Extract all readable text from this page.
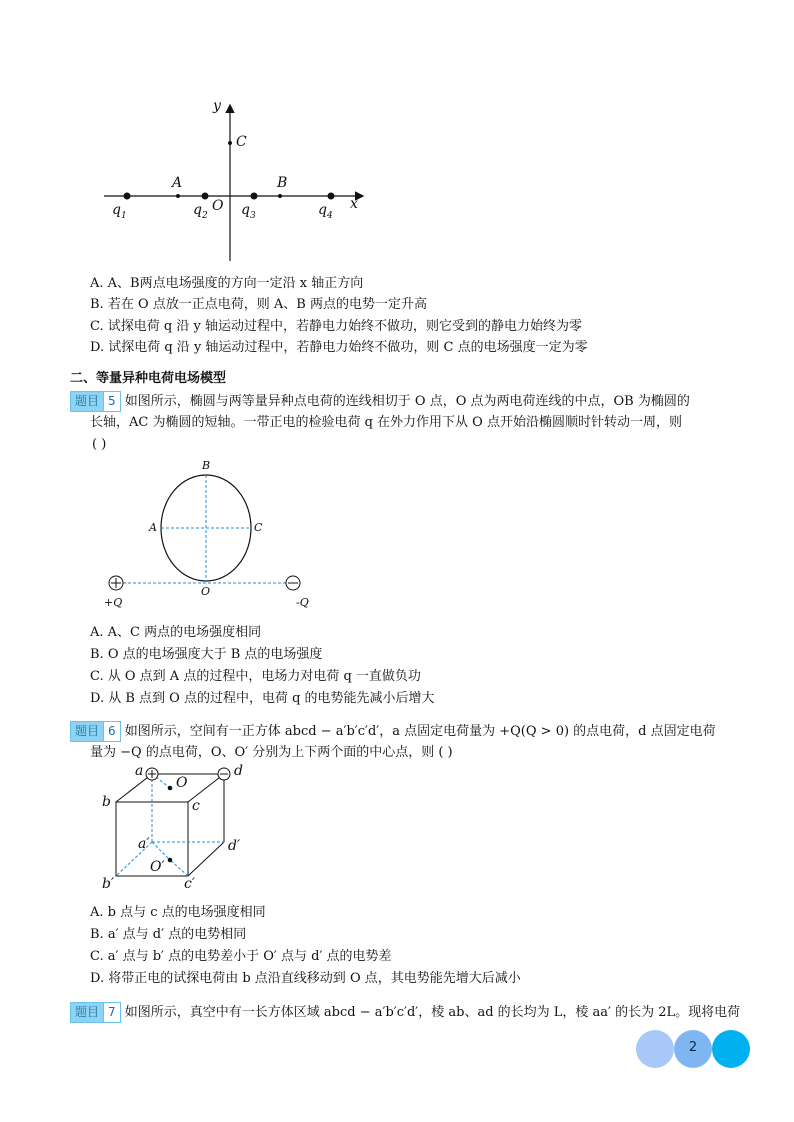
y
C
A	B
x
O
$q_1$	$q_2$ $q_3$	$q_4$
A. A、B两点电场强度的方向一定沿 x 轴正方向
B. 若在 O 点放一正点电荷，则 A、B 两点的电势一定升高
C. 试探电荷 q 沿 y 轴运动过程中，若静电力始终不做功，则它受到的静电力始终为零
D. 试探电荷 q 沿 y 轴运动过程中，若静电力始终不做功，则 C 点的电场强度一定为零
二、等量异种电荷电场模型
题目 5 如图所示，椭圆与两等量异种点电荷的连线相切于 O 点，O 点为两电荷连线的中点，OB 为椭圆的
长轴，AC 为椭圆的短轴。一带正电的检验电荷 q 在外力作用下从 O 点开始沿椭圆顺时针转动一周，则
( )
B
A	C
O
+Q	-Q
A. A、C 两点的电场强度相同
B. O 点的电场强度大于 B 点的电场强度
C. 从 O 点到 A 点的过程中，电场力对电荷 q 一直做负功
D. 从 B 点到 O 点的过程中，电荷 q 的电势能先减小后增大
题目 6 如图所示，空间有一正方体 abcd − a′b′c′d′，a 点固定电荷量为 +Q(Q > 0) 的点电荷，d 点固定电荷
量为 −Q 的点电荷，O、O′ 分别为上下两个面的中心点，则 ( )
a	d
O
b	c
a′	d′
O′
b′	c′
A. b 点与 c 点的电场强度相同
B. a′ 点与 d′ 点的电势相同
C. a′ 点与 b′ 点的电势差小于 O′ 点与 d′ 点的电势差
D. 将带正电的试探电荷由 b 点沿直线移动到 O 点，其电势能先增大后减小
题目 7 如图所示，真空中有一长方体区域 abcd − a′b′c′d′，棱 ab、ad 的长均为 L，棱 aa′ 的长为 2L。现将电荷
2
